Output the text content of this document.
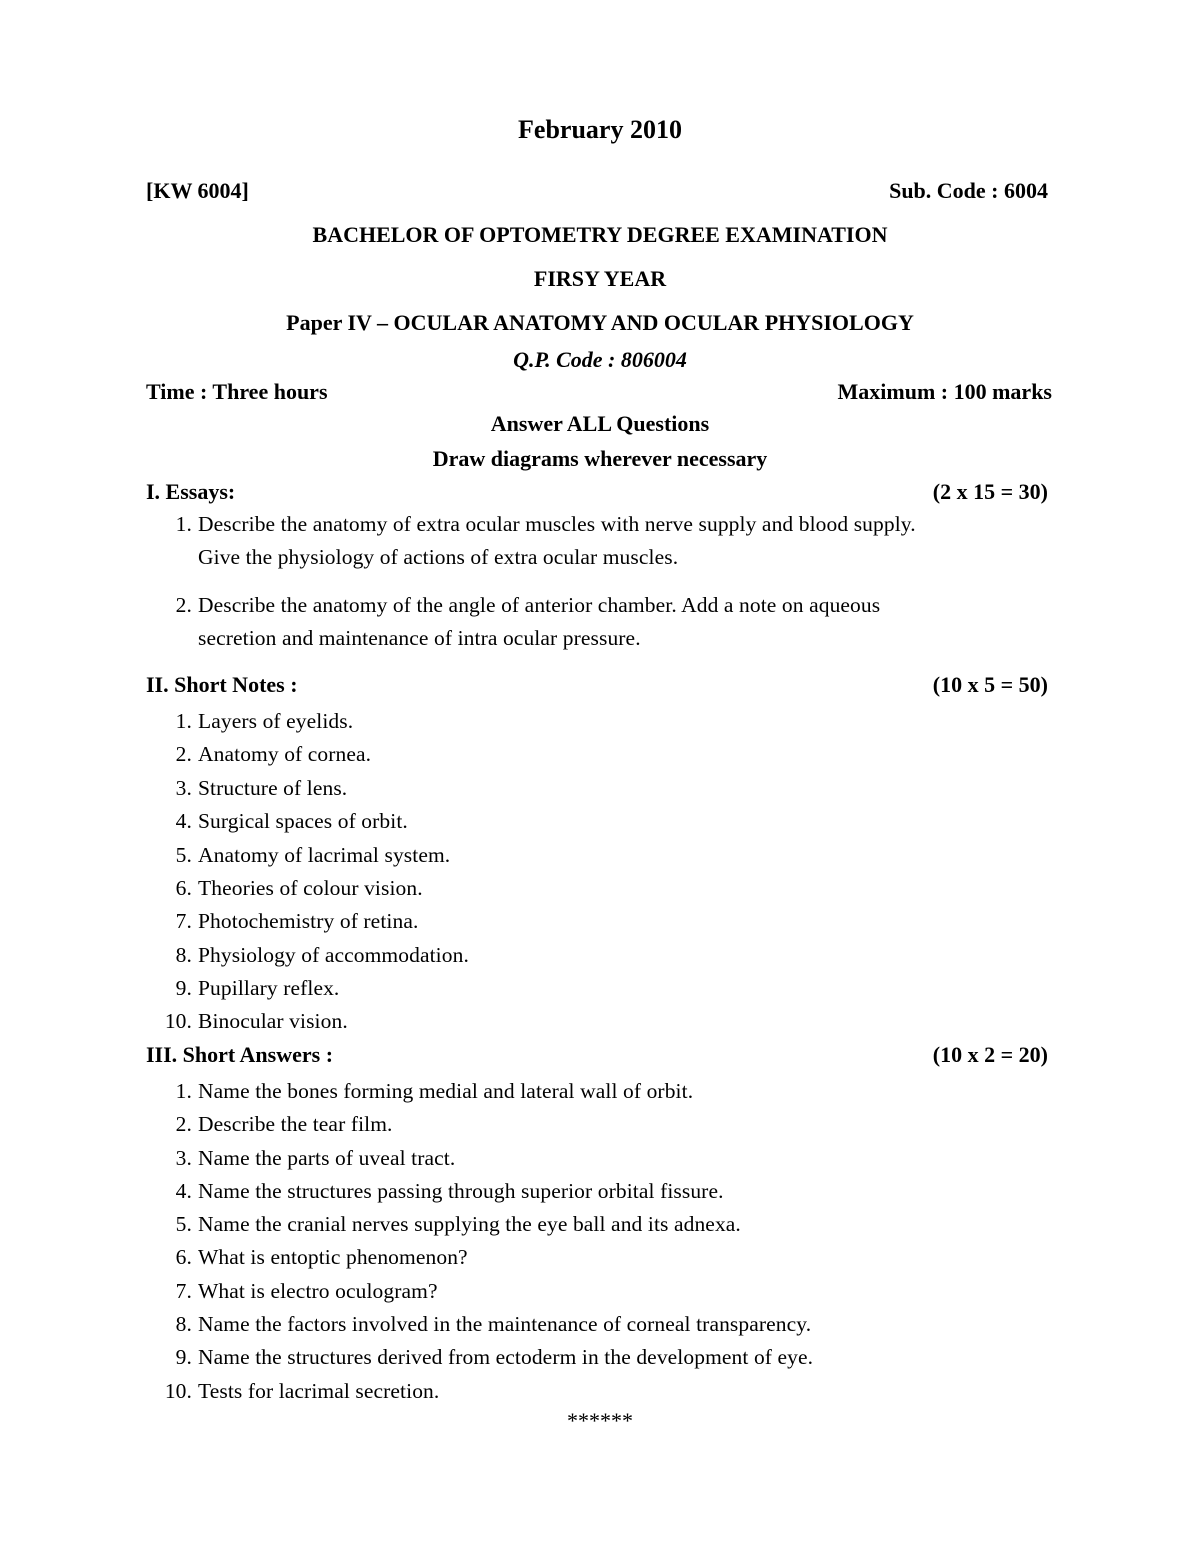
February 2010
[KW 6004]	Sub. Code : 6004
BACHELOR OF OPTOMETRY DEGREE EXAMINATION
FIRSY YEAR
Paper IV – OCULAR ANATOMY AND OCULAR PHYSIOLOGY
Q.P. Code : 806004
Time : Three hours	Maximum : 100 marks
Answer ALL Questions
Draw diagrams wherever necessary
I. Essays:	(2 x 15 = 30)
1. Describe the anatomy of extra ocular muscles with nerve supply and blood supply.
Give the physiology of actions of extra ocular muscles.
2. Describe the anatomy of the angle of anterior chamber. Add a note on aqueous
secretion and maintenance of intra ocular pressure.
II. Short Notes :	(10 x 5 = 50)
1. Layers of eyelids.
2. Anatomy of cornea.
3. Structure of lens.
4. Surgical spaces of orbit.
5. Anatomy of lacrimal system.
6. Theories of colour vision.
7. Photochemistry of retina.
8. Physiology of accommodation.
9. Pupillary reflex.
10. Binocular vision.
III. Short Answers :	(10 x 2 = 20)
1. Name the bones forming medial and lateral wall of orbit.
2. Describe the tear film.
3. Name the parts of uveal tract.
4. Name the structures passing through superior orbital fissure.
5. Name the cranial nerves supplying the eye ball and its adnexa.
6. What is entoptic phenomenon?
7. What is electro oculogram?
8. Name the factors involved in the maintenance of corneal transparency.
9. Name the structures derived from ectoderm in the development of eye.
10. Tests for lacrimal secretion.
******
